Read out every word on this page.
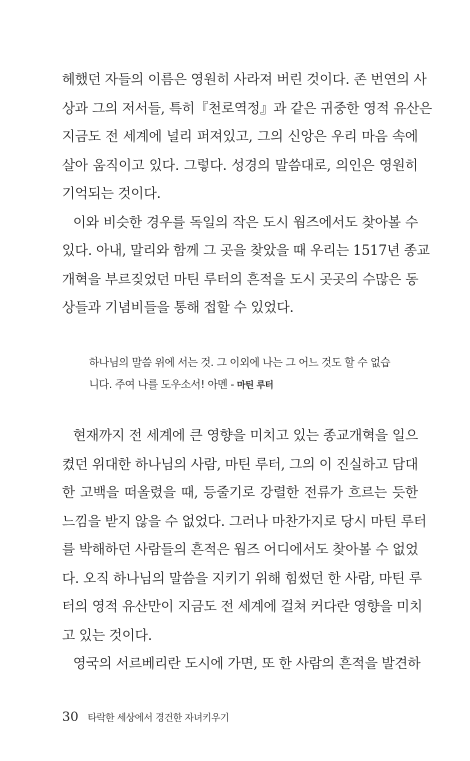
헤했던 자들의 이름은 영원히 사라져 버린 것이다. 존 번연의 사
상과 그의 저서들, 특히『천로역정』과 같은 귀중한 영적 유산은
지금도 전 세계에 널리 퍼져있고, 그의 신앙은 우리 마음 속에
살아 움직이고 있다. 그렇다. 성경의 말씀대로, 의인은 영원히
기억되는 것이다.
이와 비슷한 경우를 독일의 작은 도시 웜즈에서도 찾아볼 수
있다. 아내, 말리와 함께 그 곳을 찾았을 때 우리는 1517년 종교
개혁을 부르짖었던 마틴 루터의 흔적을 도시 곳곳의 수많은 동
상들과 기념비들을 통해 접할 수 있었다.
하나님의 말씀 위에 서는 것. 그 이외에 나는 그 어느 것도 할 수 없습
니다. 주여 나를 도우소서! 아멘 - 마틴 루터
현재까지 전 세계에 큰 영향을 미치고 있는 종교개혁을 일으
켰던 위대한 하나님의 사람, 마틴 루터, 그의 이 진실하고 담대
한 고백을 떠올렸을 때, 등줄기로 강렬한 전류가 흐르는 듯한
느낌을 받지 않을 수 없었다. 그러나 마찬가지로 당시 마틴 루터
를 박해하던 사람들의 흔적은 웜즈 어디에서도 찾아볼 수 없었
다. 오직 하나님의 말씀을 지키기 위해 힘썼던 한 사람, 마틴 루
터의 영적 유산만이 지금도 전 세계에 걸쳐 커다란 영향을 미치
고 있는 것이다.
영국의 서르베리란 도시에 가면, 또 한 사람의 흔적을 발견하
30 타락한 세상에서 경건한 자녀키우기
